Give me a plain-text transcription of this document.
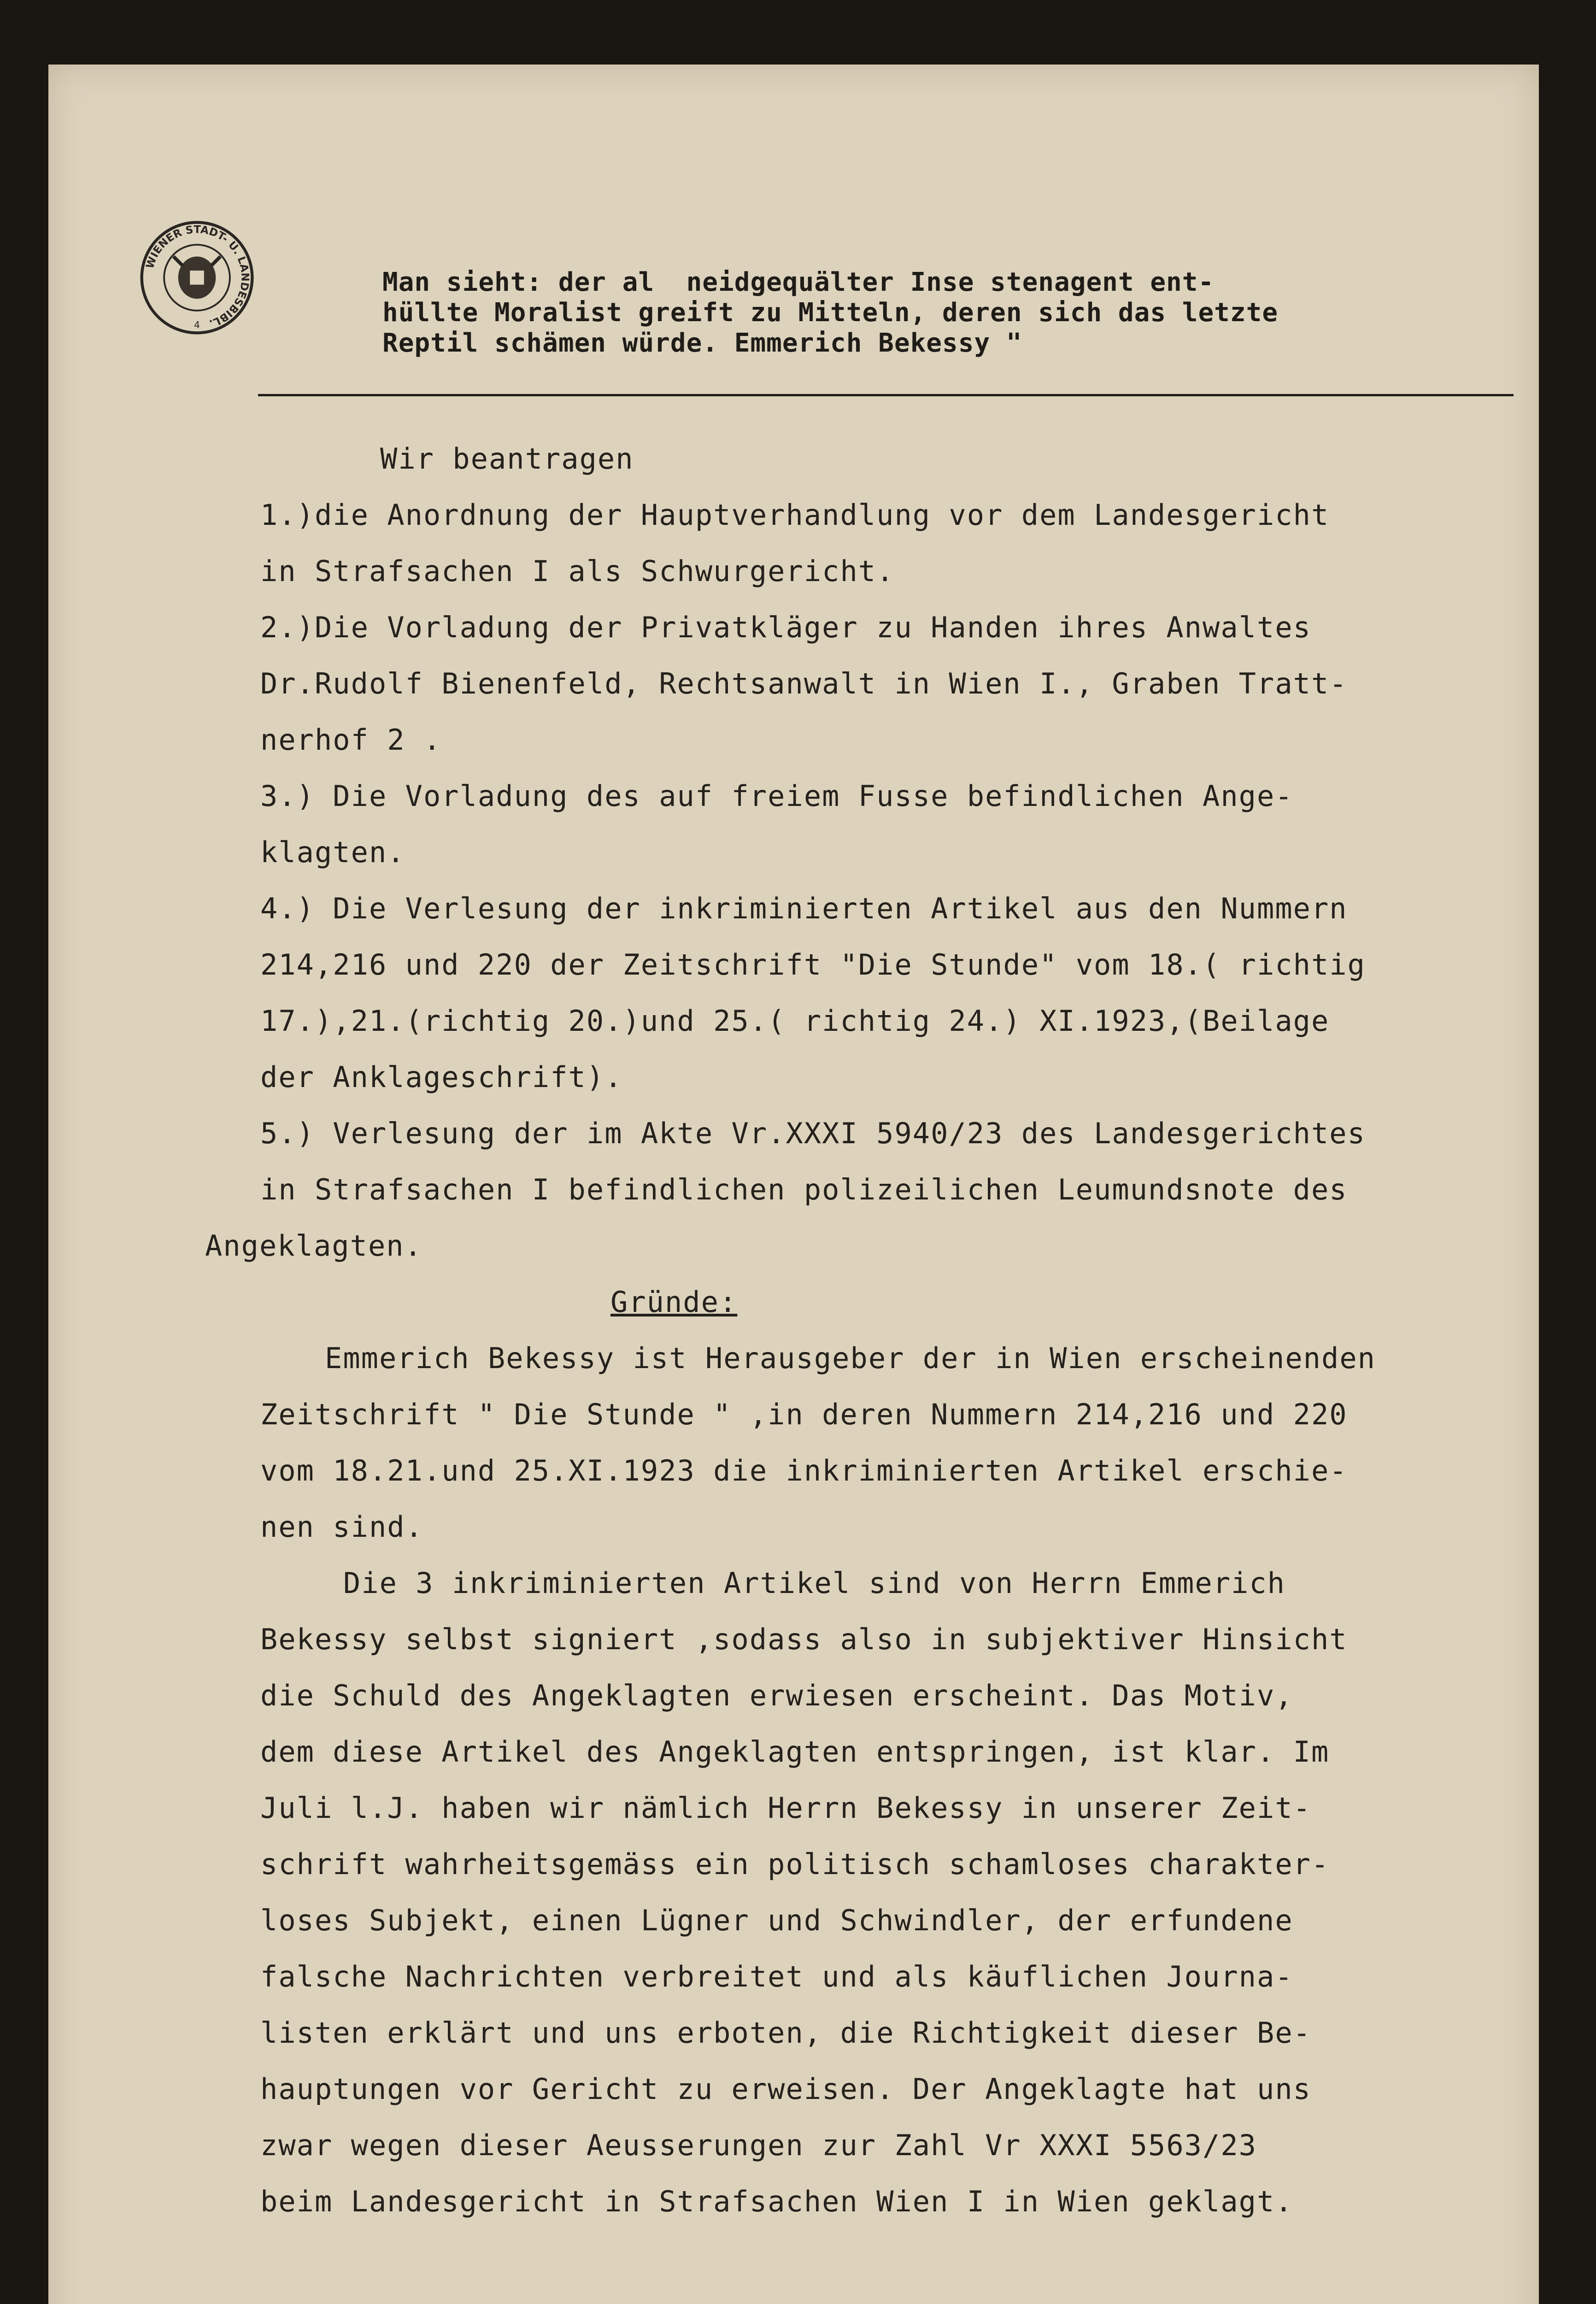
WIENER STADT- U. LANDESBIBL.
4

Man sieht: der al  neidgequälter Inse stenagent ent-

hüllte Moralist greift zu Mitteln, deren sich das letzte

Reptil schämen würde. Emmerich Bekessy "

Wir beantragen

1.)die Anordnung der Hauptverhandlung vor dem Landesgericht

in Strafsachen I als Schwurgericht.

2.)Die Vorladung der Privatkläger zu Handen ihres Anwaltes

Dr.Rudolf Bienenfeld, Rechtsanwalt in Wien I., Graben Tratt-

nerhof 2 .

3.) Die Vorladung des auf freiem Fusse befindlichen Ange-

klagten.

4.) Die Verlesung der inkriminierten Artikel aus den Nummern

214,216 und 220 der Zeitschrift "Die Stunde" vom 18.( richtig

17.),21.(richtig 20.)und 25.( richtig 24.) XI.1923,(Beilage

der Anklageschrift).

5.) Verlesung der im Akte Vr.XXXI 5940/23 des Landesgerichtes

in Strafsachen I befindlichen polizeilichen Leumundsnote des

Angeklagten.

Gründe:

Emmerich Bekessy ist Herausgeber der in Wien erscheinenden

Zeitschrift " Die Stunde " ,in deren Nummern 214,216 und 220

vom 18.21.und 25.XI.1923 die inkriminierten Artikel erschie-

nen sind.

Die 3 inkriminierten Artikel sind von Herrn Emmerich

Bekessy selbst signiert ,sodass also in subjektiver Hinsicht

die Schuld des Angeklagten erwiesen erscheint. Das Motiv,

dem diese Artikel des Angeklagten entspringen, ist klar. Im

Juli l.J. haben wir nämlich Herrn Bekessy in unserer Zeit-

schrift wahrheitsgemäss ein politisch schamloses charakter-

loses Subjekt, einen Lügner und Schwindler, der erfundene

falsche Nachrichten verbreitet und als käuflichen Journa-

listen erklärt und uns erboten, die Richtigkeit dieser Be-

hauptungen vor Gericht zu erweisen. Der Angeklagte hat uns

zwar wegen dieser Aeusserungen zur Zahl Vr XXXI 5563/23

beim Landesgericht in Strafsachen Wien I in Wien geklagt.
